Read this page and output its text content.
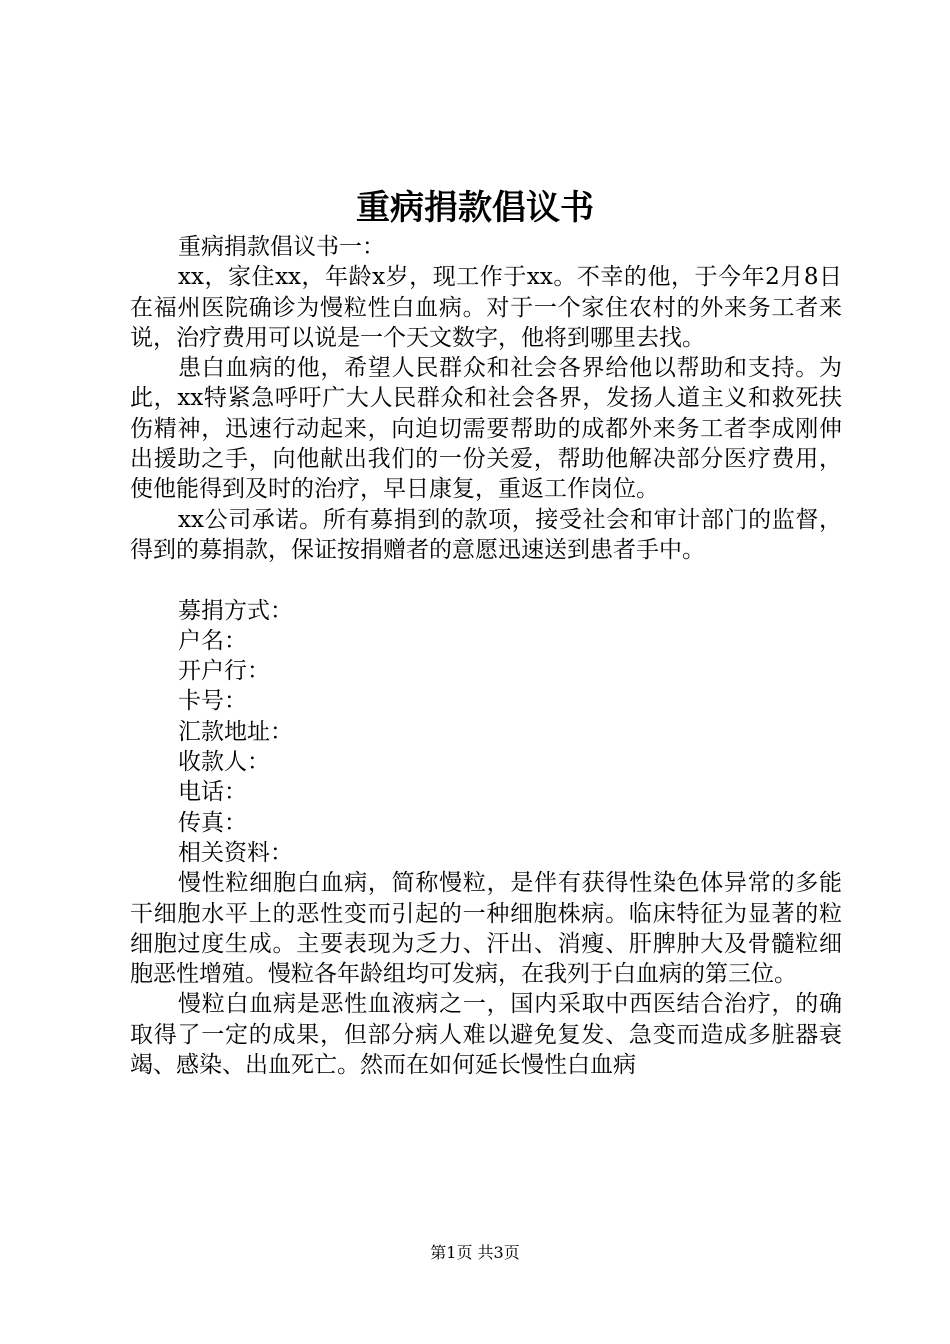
重病捐款倡议书

重病捐款倡议书一：

xx，家住xx，年龄x岁，现工作于xx。不幸的他，于今年2月8日在福州医院确诊为慢粒性白血病。对于一个家住农村的外来务工者来说，治疗费用可以说是一个天文数字，他将到哪里去找。

患白血病的他，希望人民群众和社会各界给他以帮助和支持。为此，xx特紧急呼吁广大人民群众和社会各界，发扬人道主义和救死扶伤精神，迅速行动起来，向迫切需要帮助的成都外来务工者李成刚伸出援助之手，向他献出我们的一份关爱，帮助他解决部分医疗费用，使他能得到及时的治疗，早日康复，重返工作岗位。

xx公司承诺。所有募捐到的款项，接受社会和审计部门的监督，得到的募捐款，保证按捐赠者的意愿迅速送到患者手中。

募捐方式：

户名：

开户行：

卡号：

汇款地址：

收款人：

电话：

传真：

相关资料：

慢性粒细胞白血病，简称慢粒，是伴有获得性染色体异常的多能干细胞水平上的恶性变而引起的一种细胞株病。临床特征为显著的粒细胞过度生成。主要表现为乏力、汗出、消瘦、肝脾肿大及骨髓粒细胞恶性增殖。慢粒各年龄组均可发病，在我列于白血病的第三位。

慢粒白血病是恶性血液病之一，国内采取中西医结合治疗，的确取得了一定的成果，但部分病人难以避免复发、急变而造成多脏器衰竭、感染、出血死亡。然而在如何延长慢性白血病

第1页 共3页
